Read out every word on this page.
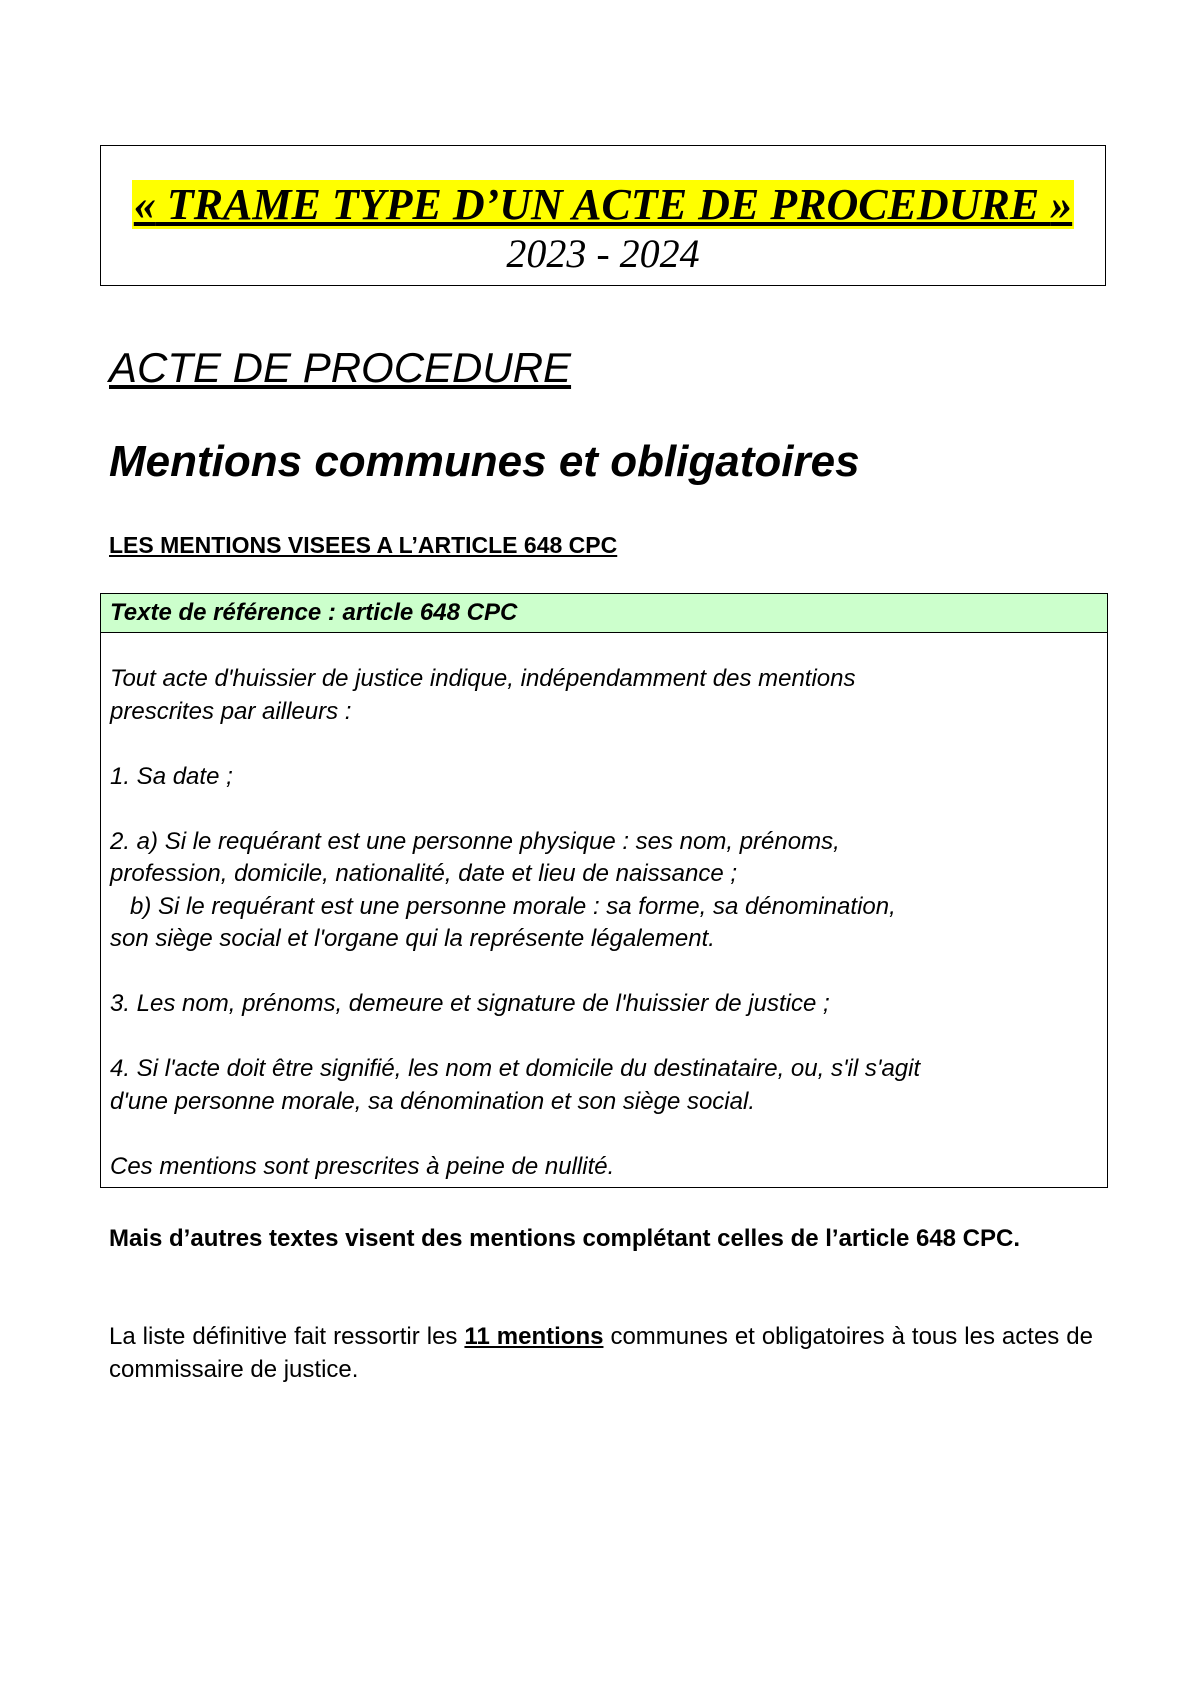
« TRAME TYPE D’UN ACTE DE PROCEDURE »
2023 - 2024
ACTE DE PROCEDURE
Mentions communes et obligatoires
LES MENTIONS VISEES A L’ARTICLE 648 CPC
Texte de référence : article 648 CPC

Tout acte d'huissier de justice indique, indépendamment des mentions
prescrites par ailleurs :

1. Sa date ;

2. a) Si le requérant est une personne physique : ses nom, prénoms,
profession, domicile, nationalité, date et lieu de naissance ;
b) Si le requérant est une personne morale : sa forme, sa dénomination,
son siège social et l'organe qui la représente légalement.

3. Les nom, prénoms, demeure et signature de l'huissier de justice ;

4. Si l'acte doit être signifié, les nom et domicile du destinataire, ou, s'il s'agit
d'une personne morale, sa dénomination et son siège social.

Ces mentions sont prescrites à peine de nullité.

Mais d’autres textes visent des mentions complétant celles de l’article 648 CPC.

La liste définitive fait ressortir les 11 mentions communes et obligatoires à tous les actes de commissaire de justice.
